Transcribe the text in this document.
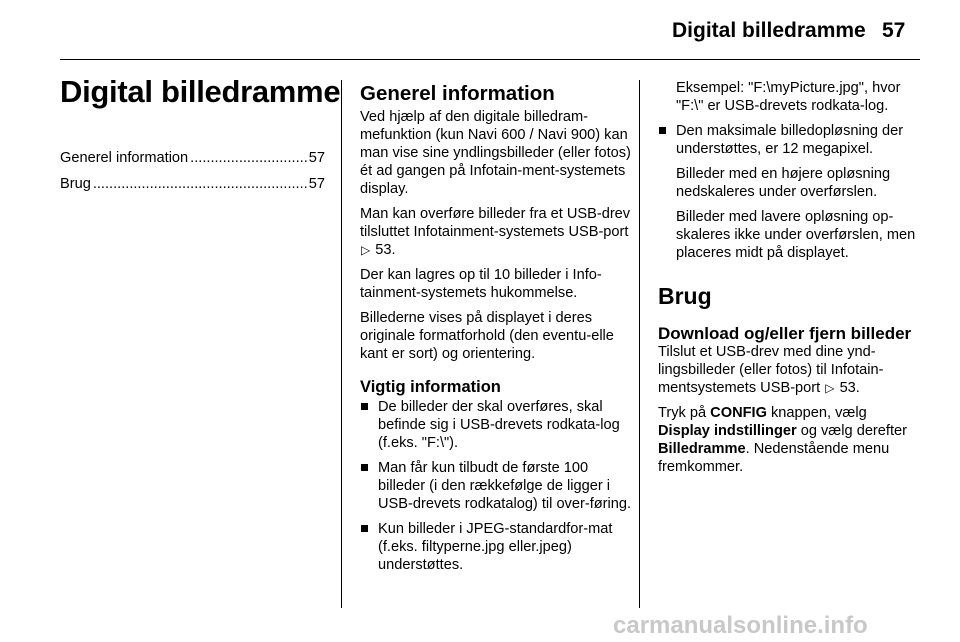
Digital billedramme 57
Digital billedramme
Generel information .....	57
Brug .....	57
Generel information

Ved hjælp af den digitale billedram-mefunktion (kun Navi 600 / Navi 900) kan man vise sine yndlingsbilleder (eller fotos) ét ad gangen på Infotain-ment-systemets display.

Man kan overføre billeder fra et USB-drev tilsluttet Infotainment-systemets USB-port ▷ 53.

Der kan lagres op til 10 billeder i Info-tainment-systemets hukommelse.

Billederne vises på displayet i deres originale formatforhold (den eventu-elle kant er sort) og orientering.

Vigtig information
De billeder der skal overføres, skal befinde sig i USB-drevets rodkata-log (f.eks. "F:\").
Man får kun tilbudt de første 100 billeder (i den rækkefølge de ligger i USB-drevets rodkatalog) til over-føring.
Kun billeder i JPEG-standardfor-mat (f.eks. filtyperne.jpg eller.jpeg) understøttes.

Eksempel: "F:\myPicture.jpg", hvor "F:\" er USB-drevets rodkata-log.

Den maksimale billedopløsning der understøttes, er 12 megapixel.

Billeder med en højere opløsning nedskaleres under overførslen.

Billeder med lavere opløsning op-skaleres ikke under overførslen, men placeres midt på displayet.

Brug
Download og/eller fjern billeder

Tilslut et USB-drev med dine ynd-lingsbilleder (eller fotos) til Infotain-mentsystemets USB-port ▷ 53.

Tryk på CONFIG knappen, vælg Display indstillinger og vælg derefter Billedramme. Nedenstående menu fremkommer.

carmanualsonline.info
